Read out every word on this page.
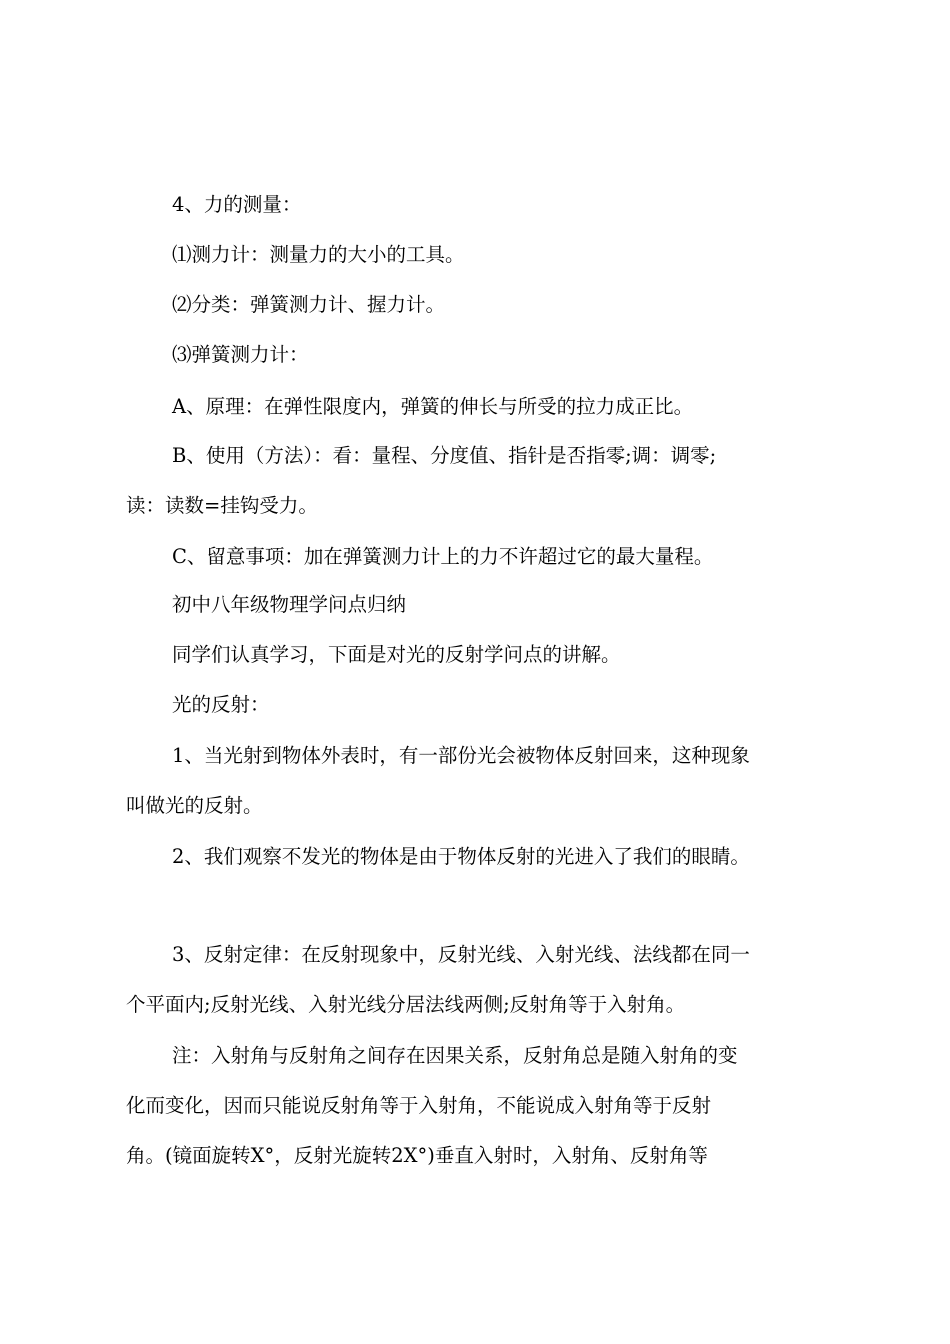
4、力的测量：
⑴测力计：测量力的大小的工具。
⑵分类：弹簧测力计、握力计。
⑶弹簧测力计：
A、原理：在弹性限度内，弹簧的伸长与所受的拉力成正比。
B、使用（方法）：看：量程、分度值、指针是否指零;调：调零;
读：读数=挂钩受力。
C、留意事项：加在弹簧测力计上的力不许超过它的最大量程。
初中八年级物理学问点归纳
同学们认真学习，下面是对光的反射学问点的讲解。
光的反射：
1、当光射到物体外表时，有一部份光会被物体反射回来，这种现象
叫做光的反射。
2、我们观察不发光的物体是由于物体反射的光进入了我们的眼睛。
3、反射定律：在反射现象中，反射光线、入射光线、法线都在同一
个平面内;反射光线、入射光线分居法线两侧;反射角等于入射角。
注：入射角与反射角之间存在因果关系，反射角总是随入射角的变
化而变化，因而只能说反射角等于入射角，不能说成入射角等于反射
角。(镜面旋转X°，反射光旋转2X°)垂直入射时，入射角、反射角等
